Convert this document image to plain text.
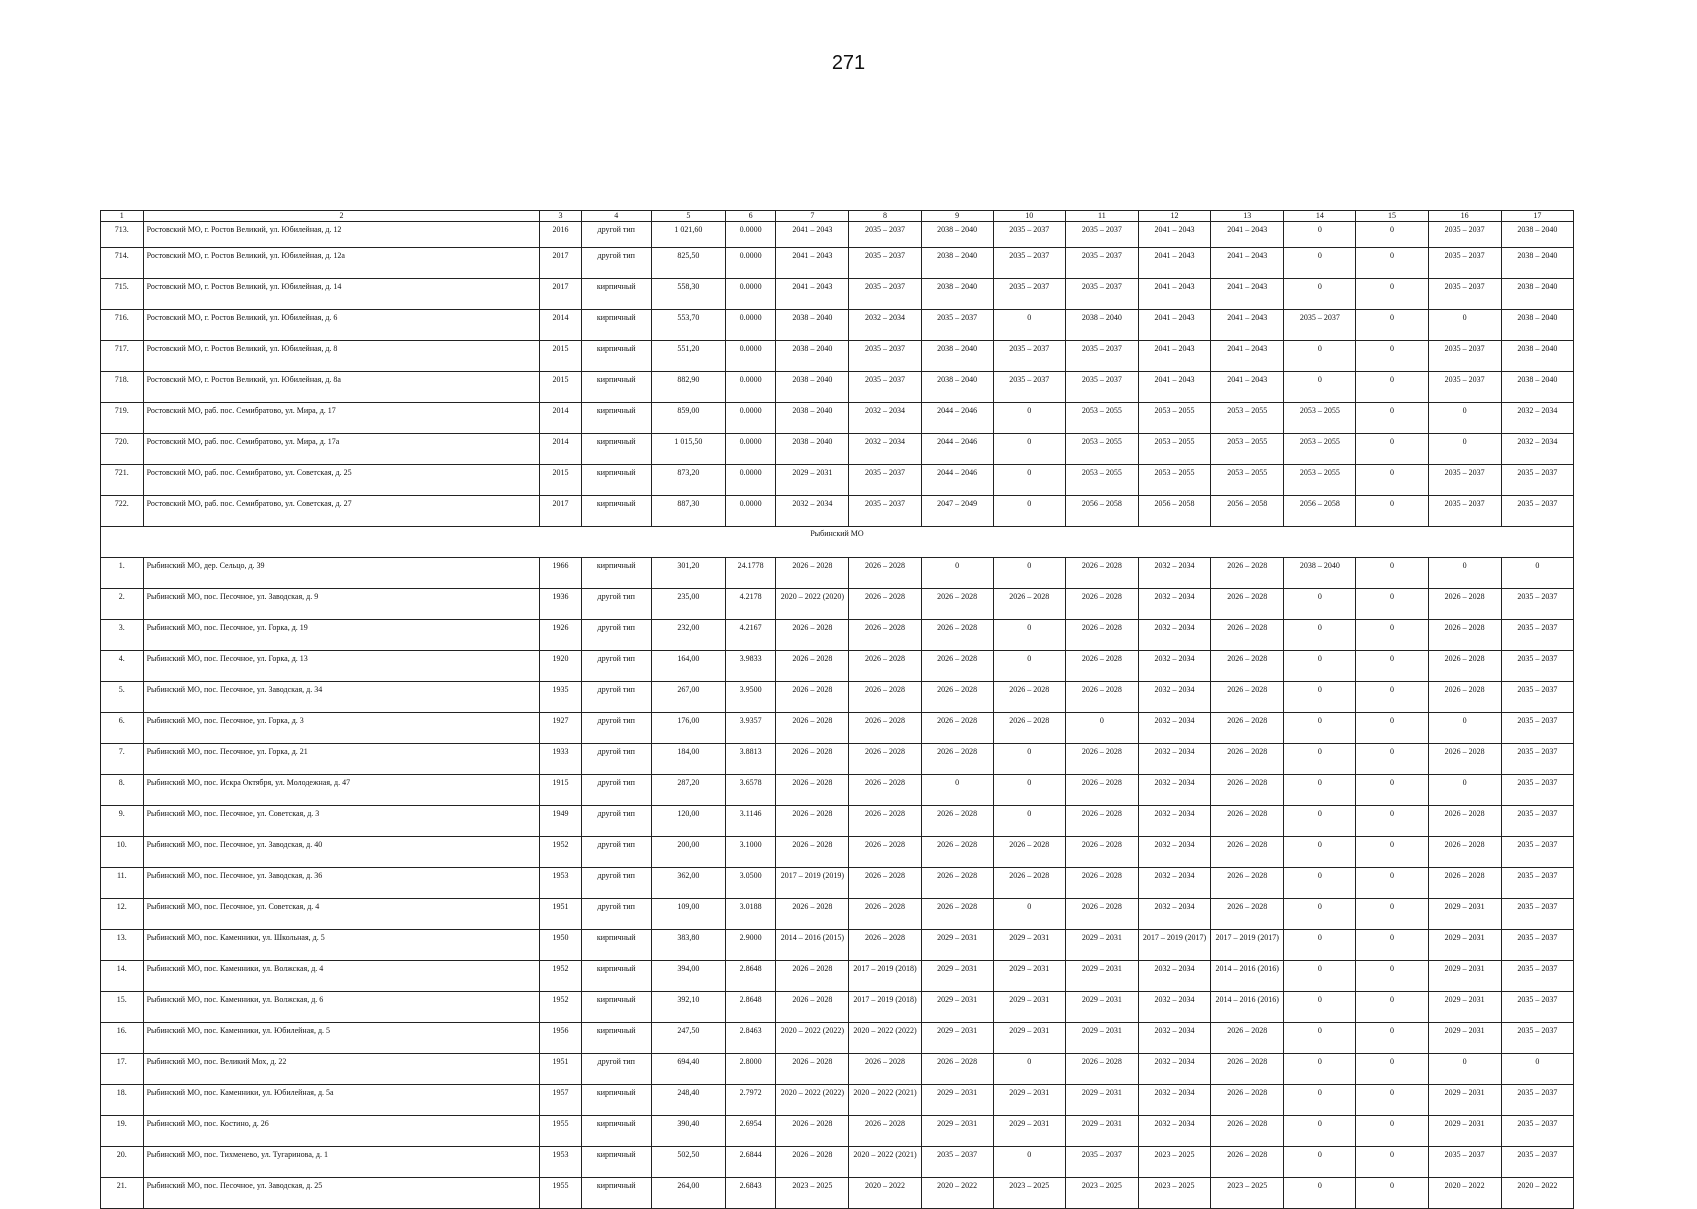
271
1	2	3	4	5	6	7	8	9	10	11	12	13	14	15	16	17
713.	Ростовский МО, г. Ростов Великий, ул. Юбилейная, д. 12	2016	другой тип	1 021,60	0.0000	2041 – 2043	2035 – 2037	2038 – 2040	2035 – 2037	2035 – 2037	2041 – 2043	2041 – 2043	0	0	2035 – 2037	2038 – 2040
714.	Ростовский МО, г. Ростов Великий, ул. Юбилейная, д. 12а	2017	другой тип	825,50	0.0000	2041 – 2043	2035 – 2037	2038 – 2040	2035 – 2037	2035 – 2037	2041 – 2043	2041 – 2043	0	0	2035 – 2037	2038 – 2040
715.	Ростовский МО, г. Ростов Великий, ул. Юбилейная, д. 14	2017	кирпичный	558,30	0.0000	2041 – 2043	2035 – 2037	2038 – 2040	2035 – 2037	2035 – 2037	2041 – 2043	2041 – 2043	0	0	2035 – 2037	2038 – 2040
716.	Ростовский МО, г. Ростов Великий, ул. Юбилейная, д. 6	2014	кирпичный	553,70	0.0000	2038 – 2040	2032 – 2034	2035 – 2037	0	2038 – 2040	2041 – 2043	2041 – 2043	2035 – 2037	0	0	2038 – 2040
717.	Ростовский МО, г. Ростов Великий, ул. Юбилейная, д. 8	2015	кирпичный	551,20	0.0000	2038 – 2040	2035 – 2037	2038 – 2040	2035 – 2037	2035 – 2037	2041 – 2043	2041 – 2043	0	0	2035 – 2037	2038 – 2040
718.	Ростовский МО, г. Ростов Великий, ул. Юбилейная, д. 8а	2015	кирпичный	882,90	0.0000	2038 – 2040	2035 – 2037	2038 – 2040	2035 – 2037	2035 – 2037	2041 – 2043	2041 – 2043	0	0	2035 – 2037	2038 – 2040
719.	Ростовский МО, раб. пос. Семибратово, ул. Мира, д. 17	2014	кирпичный	859,00	0.0000	2038 – 2040	2032 – 2034	2044 – 2046	0	2053 – 2055	2053 – 2055	2053 – 2055	2053 – 2055	0	0	2032 – 2034
720.	Ростовский МО, раб. пос. Семибратово, ул. Мира, д. 17а	2014	кирпичный	1 015,50	0.0000	2038 – 2040	2032 – 2034	2044 – 2046	0	2053 – 2055	2053 – 2055	2053 – 2055	2053 – 2055	0	0	2032 – 2034
721.	Ростовский МО, раб. пос. Семибратово, ул. Советская, д. 25	2015	кирпичный	873,20	0.0000	2029 – 2031	2035 – 2037	2044 – 2046	0	2053 – 2055	2053 – 2055	2053 – 2055	2053 – 2055	0	2035 – 2037	2035 – 2037
722.	Ростовский МО, раб. пос. Семибратово, ул. Советская, д. 27	2017	кирпичный	887,30	0.0000	2032 – 2034	2035 – 2037	2047 – 2049	0	2056 – 2058	2056 – 2058	2056 – 2058	2056 – 2058	0	2035 – 2037	2035 – 2037
Рыбинский МО																
1.	Рыбинский МО, дер. Сельцо, д. 39	1966	кирпичный	301,20	24.1778	2026 – 2028	2026 – 2028	0	0	2026 – 2028	2032 – 2034	2026 – 2028	2038 – 2040	0	0	0
2.	Рыбинский МО, пос. Песочное, ул. Заводская, д. 9	1936	другой тип	235,00	4.2178	2020 – 2022 (2020)	2026 – 2028	2026 – 2028	2026 – 2028	2026 – 2028	2032 – 2034	2026 – 2028	0	0	2026 – 2028	2035 – 2037
3.	Рыбинский МО, пос. Песочное, ул. Горка, д. 19	1926	другой тип	232,00	4.2167	2026 – 2028	2026 – 2028	2026 – 2028	0	2026 – 2028	2032 – 2034	2026 – 2028	0	0	2026 – 2028	2035 – 2037
4.	Рыбинский МО, пос. Песочное, ул. Горка, д. 13	1920	другой тип	164,00	3.9833	2026 – 2028	2026 – 2028	2026 – 2028	0	2026 – 2028	2032 – 2034	2026 – 2028	0	0	2026 – 2028	2035 – 2037
5.	Рыбинский МО, пос. Песочное, ул. Заводская, д. 34	1935	другой тип	267,00	3.9500	2026 – 2028	2026 – 2028	2026 – 2028	2026 – 2028	2026 – 2028	2032 – 2034	2026 – 2028	0	0	2026 – 2028	2035 – 2037
6.	Рыбинский МО, пос. Песочное, ул. Горка, д. 3	1927	другой тип	176,00	3.9357	2026 – 2028	2026 – 2028	2026 – 2028	2026 – 2028	0	2032 – 2034	2026 – 2028	0	0	0	2035 – 2037
7.	Рыбинский МО, пос. Песочное, ул. Горка, д. 21	1933	другой тип	184,00	3.8813	2026 – 2028	2026 – 2028	2026 – 2028	0	2026 – 2028	2032 – 2034	2026 – 2028	0	0	2026 – 2028	2035 – 2037
8.	Рыбинский МО, пос. Искра Октября, ул. Молодежная, д. 47	1915	другой тип	287,20	3.6578	2026 – 2028	2026 – 2028	0	0	2026 – 2028	2032 – 2034	2026 – 2028	0	0	0	2035 – 2037
9.	Рыбинский МО, пос. Песочное, ул. Советская, д. 3	1949	другой тип	120,00	3.1146	2026 – 2028	2026 – 2028	2026 – 2028	0	2026 – 2028	2032 – 2034	2026 – 2028	0	0	2026 – 2028	2035 – 2037
10.	Рыбинский МО, пос. Песочное, ул. Заводская, д. 40	1952	другой тип	200,00	3.1000	2026 – 2028	2026 – 2028	2026 – 2028	2026 – 2028	2026 – 2028	2032 – 2034	2026 – 2028	0	0	2026 – 2028	2035 – 2037
11.	Рыбинский МО, пос. Песочное, ул. Заводская, д. 36	1953	другой тип	362,00	3.0500	2017 – 2019 (2019)	2026 – 2028	2026 – 2028	2026 – 2028	2026 – 2028	2032 – 2034	2026 – 2028	0	0	2026 – 2028	2035 – 2037
12.	Рыбинский МО, пос. Песочное, ул. Советская, д. 4	1951	другой тип	109,00	3.0188	2026 – 2028	2026 – 2028	2026 – 2028	0	2026 – 2028	2032 – 2034	2026 – 2028	0	0	2029 – 2031	2035 – 2037
13.	Рыбинский МО, пос. Каменники, ул. Школьная, д. 5	1950	кирпичный	383,80	2.9000	2014 – 2016 (2015)	2026 – 2028	2029 – 2031	2029 – 2031	2029 – 2031	2017 – 2019 (2017)	2017 – 2019 (2017)	0	0	2029 – 2031	2035 – 2037
14.	Рыбинский МО, пос. Каменники, ул. Волжская, д. 4	1952	кирпичный	394,00	2.8648	2026 – 2028	2017 – 2019 (2018)	2029 – 2031	2029 – 2031	2029 – 2031	2032 – 2034	2014 – 2016 (2016)	0	0	2029 – 2031	2035 – 2037
15.	Рыбинский МО, пос. Каменники, ул. Волжская, д. 6	1952	кирпичный	392,10	2.8648	2026 – 2028	2017 – 2019 (2018)	2029 – 2031	2029 – 2031	2029 – 2031	2032 – 2034	2014 – 2016 (2016)	0	0	2029 – 2031	2035 – 2037
16.	Рыбинский МО, пос. Каменники, ул. Юбилейная, д. 5	1956	кирпичный	247,50	2.8463	2020 – 2022 (2022)	2020 – 2022 (2022)	2029 – 2031	2029 – 2031	2029 – 2031	2032 – 2034	2026 – 2028	0	0	2029 – 2031	2035 – 2037
17.	Рыбинский МО, пос. Великий Мох, д. 22	1951	другой тип	694,40	2.8000	2026 – 2028	2026 – 2028	2026 – 2028	0	2026 – 2028	2032 – 2034	2026 – 2028	0	0	0	0
18.	Рыбинский МО, пос. Каменники, ул. Юбилейная, д. 5а	1957	кирпичный	248,40	2.7972	2020 – 2022 (2022)	2020 – 2022 (2021)	2029 – 2031	2029 – 2031	2029 – 2031	2032 – 2034	2026 – 2028	0	0	2029 – 2031	2035 – 2037
19.	Рыбинский МО, пос. Костино, д. 26	1955	кирпичный	390,40	2.6954	2026 – 2028	2026 – 2028	2029 – 2031	2029 – 2031	2029 – 2031	2032 – 2034	2026 – 2028	0	0	2029 – 2031	2035 – 2037
20.	Рыбинский МО, пос. Тихменево, ул. Тугаринова, д. 1	1953	кирпичный	502,50	2.6844	2026 – 2028	2020 – 2022 (2021)	2035 – 2037	0	2035 – 2037	2023 – 2025	2026 – 2028	0	0	2035 – 2037	2035 – 2037
21.	Рыбинский МО, пос. Песочное, ул. Заводская, д. 25	1955	кирпичный	264,00	2.6843	2023 – 2025	2020 – 2022	2020 – 2022	2023 – 2025	2023 – 2025	2023 – 2025	2023 – 2025	0	0	2020 – 2022	2020 – 2022
